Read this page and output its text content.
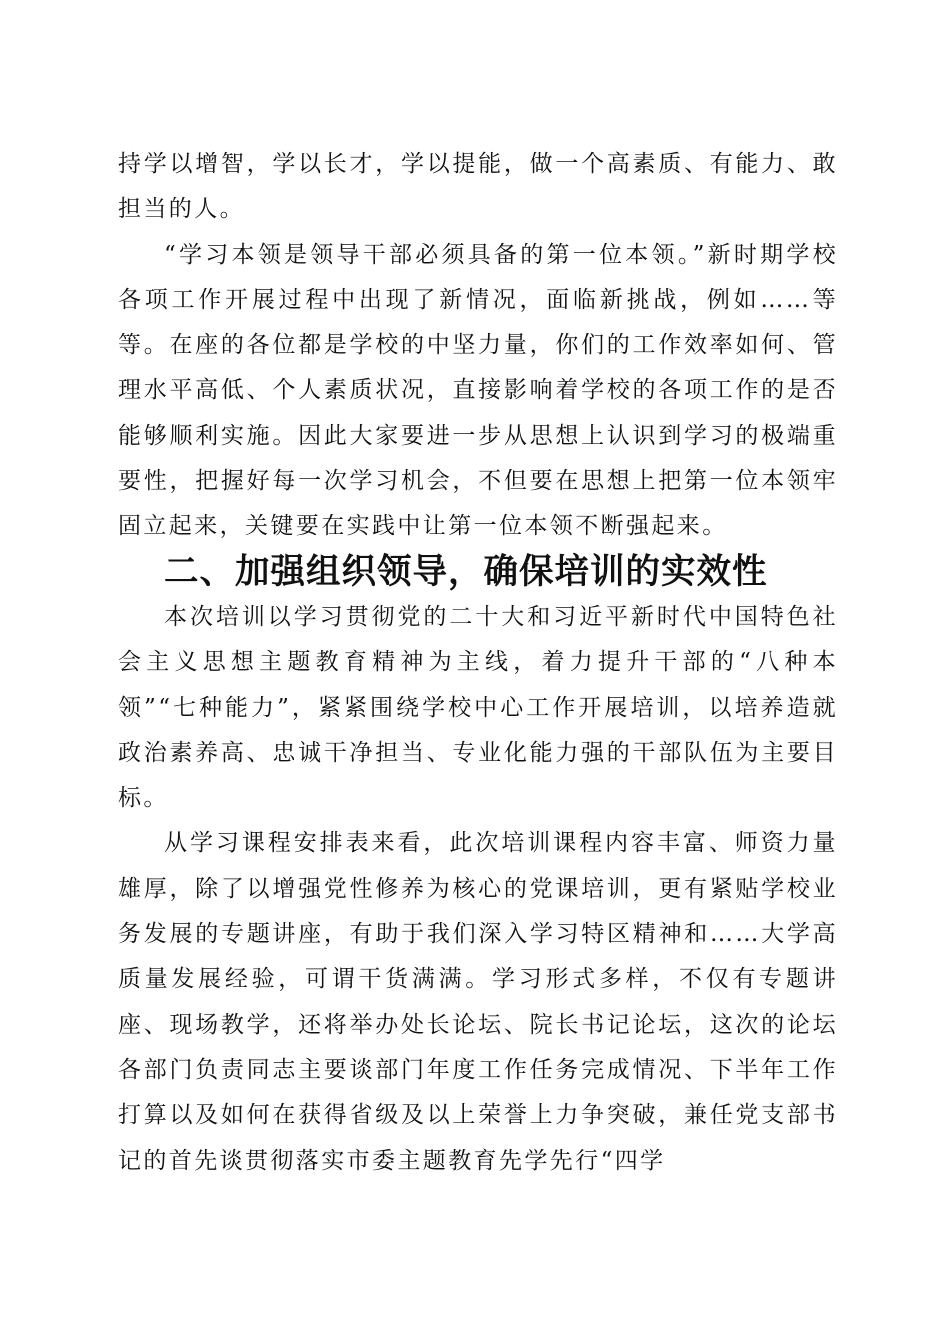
持学以增智，学以长才，学以提能，做一个高素质、有能力、敢担当的人。

“学习本领是领导干部必须具备的第一位本领。”新时期学校各项工作开展过程中出现了新情况，面临新挑战，例如……等等。在座的各位都是学校的中坚力量，你们的工作效率如何、管理水平高低、个人素质状况，直接影响着学校的各项工作的是否能够顺利实施。因此大家要进一步从思想上认识到学习的极端重要性，把握好每一次学习机会，不但要在思想上把第一位本领牢固立起来，关键要在实践中让第一位本领不断强起来。

二、加强组织领导，确保培训的实效性

本次培训以学习贯彻党的二十大和习近平新时代中国特色社会主义思想主题教育精神为主线，着力提升干部的“八种本领”“七种能力”，紧紧围绕学校中心工作开展培训，以培养造就政治素养高、忠诚干净担当、专业化能力强的干部队伍为主要目标。

从学习课程安排表来看，此次培训课程内容丰富、师资力量雄厚，除了以增强党性修养为核心的党课培训，更有紧贴学校业务发展的专题讲座，有助于我们深入学习特区精神和……大学高质量发展经验，可谓干货满满。学习形式多样，不仅有专题讲座、现场教学，还将举办处长论坛、院长书记论坛，这次的论坛各部门负责同志主要谈部门年度工作任务完成情况、下半年工作打算以及如何在获得省级及以上荣誉上力争突破，兼任党支部书记的首先谈贯彻落实市委主题教育先学先行“四学
